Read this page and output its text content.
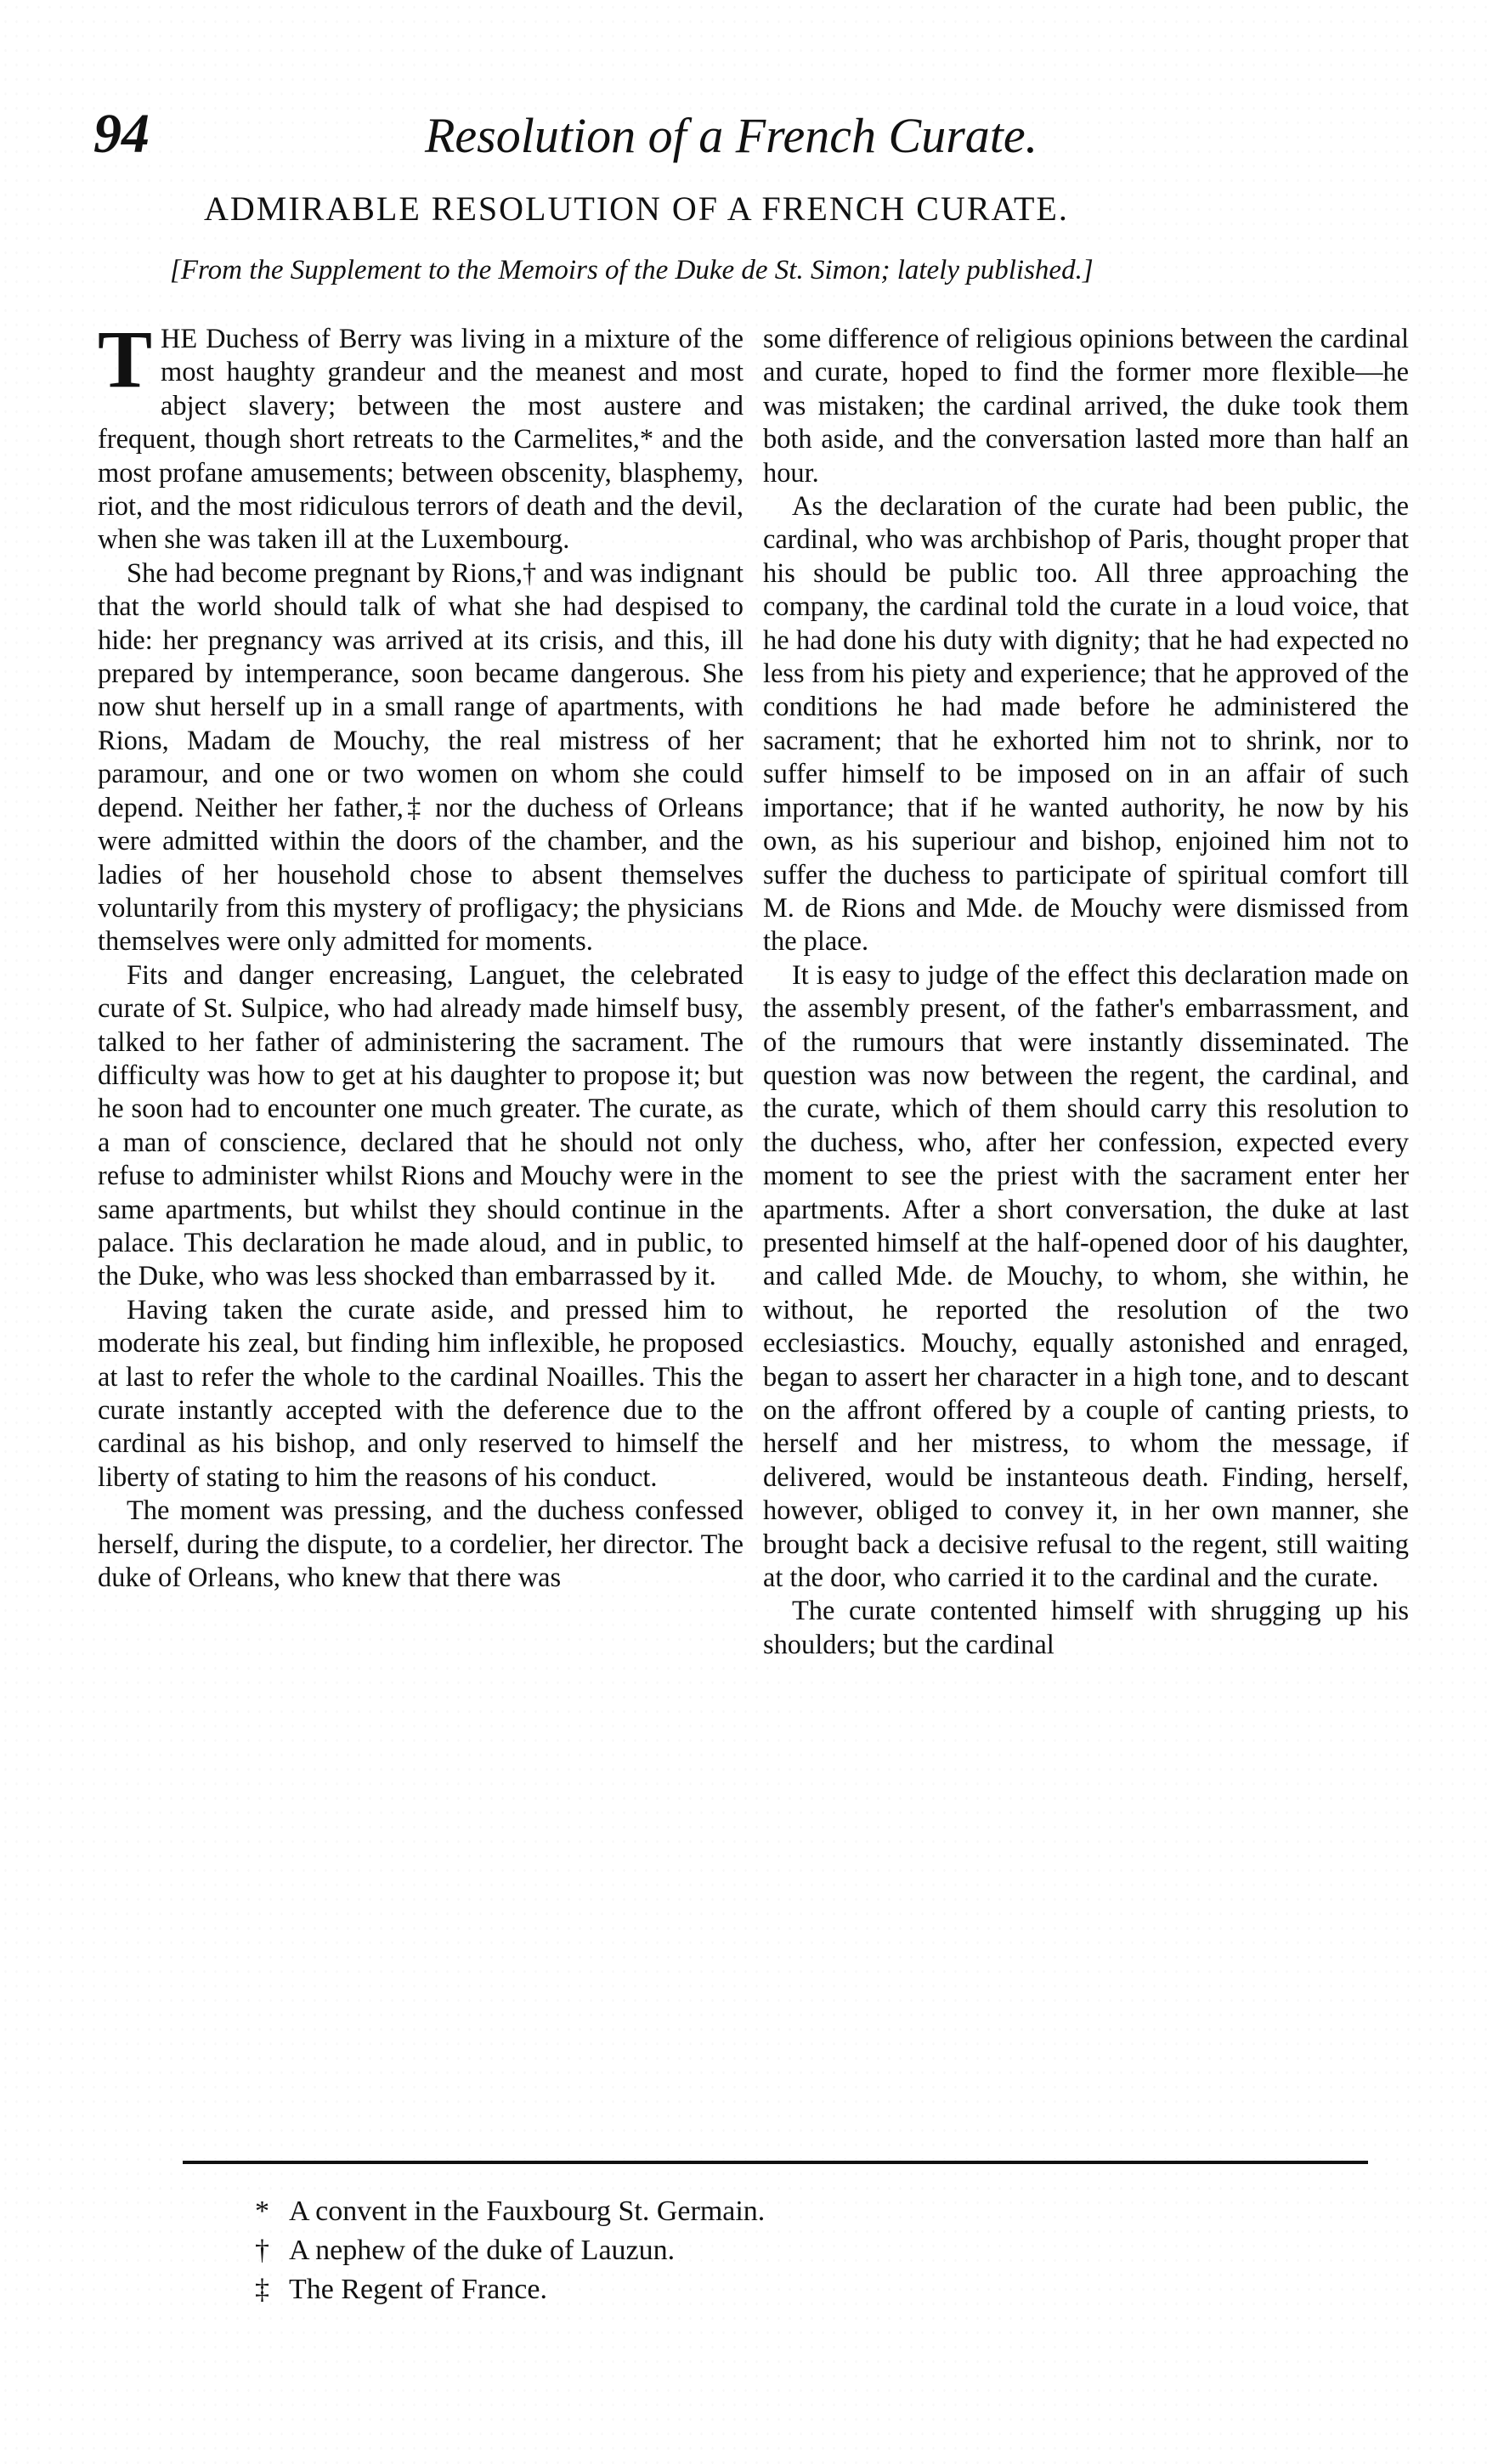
94	Resolution of a French Curate.
ADMIRABLE RESOLUTION OF A FRENCH CURATE.
[From the Supplement to the Memoirs of the Duke de St. Simon; lately published.]

THE Duchess of Berry was living in a mixture of the most haughty grandeur and the meanest and most abject slavery; between the most austere and frequent, though short retreats to the Carmelites,* and the most profane amusements; between obscenity, blasphemy, riot, and the most ridiculous terrors of death and the devil, when she was taken ill at the Luxembourg.

She had become pregnant by Rions,† and was indignant that the world should talk of what she had despised to hide: her pregnancy was arrived at its crisis, and this, ill prepared by intemperance, soon became dangerous. She now shut herself up in a small range of apartments, with Rions, Madam de Mouchy, the real mistress of her paramour, and one or two women on whom she could depend. Neither her father,‡ nor the duchess of Orleans were admitted within the doors of the chamber, and the ladies of her household chose to absent themselves voluntarily from this mystery of profligacy; the physicians themselves were only admitted for moments.

Fits and danger encreasing, Languet, the celebrated curate of St. Sulpice, who had already made himself busy, talked to her father of administering the sacrament. The difficulty was how to get at his daughter to propose it; but he soon had to encounter one much greater. The curate, as a man of conscience, declared that he should not only refuse to administer whilst Rions and Mouchy were in the same apartments, but whilst they should continue in the palace. This declaration he made aloud, and in public, to the Duke, who was less shocked than embarrassed by it.

Having taken the curate aside, and pressed him to moderate his zeal, but finding him inflexible, he proposed at last to refer the whole to the cardinal Noailles. This the curate instantly accepted with the deference due to the cardinal as his bishop, and only reserved to himself the liberty of stating to him the reasons of his conduct.

The moment was pressing, and the duchess confessed herself, during the dispute, to a cordelier, her director. The duke of Orleans, who knew that there was

some difference of religious opinions between the cardinal and curate, hoped to find the former more flexible—he was mistaken; the cardinal arrived, the duke took them both aside, and the conversation lasted more than half an hour.

As the declaration of the curate had been public, the cardinal, who was archbishop of Paris, thought proper that his should be public too. All three approaching the company, the cardinal told the curate in a loud voice, that he had done his duty with dignity; that he had expected no less from his piety and experience; that he approved of the conditions he had made before he administered the sacrament; that he exhorted him not to shrink, nor to suffer himself to be imposed on in an affair of such importance; that if he wanted authority, he now by his own, as his superiour and bishop, enjoined him not to suffer the duchess to participate of spiritual comfort till M. de Rions and Mde. de Mouchy were dismissed from the place.

It is easy to judge of the effect this declaration made on the assembly present, of the father's embarrassment, and of the rumours that were instantly disseminated. The question was now between the regent, the cardinal, and the curate, which of them should carry this resolution to the duchess, who, after her confession, expected every moment to see the priest with the sacrament enter her apartments. After a short conversation, the duke at last presented himself at the half-opened door of his daughter, and called Mde. de Mouchy, to whom, she within, he without, he reported the resolution of the two ecclesiastics. Mouchy, equally astonished and enraged, began to assert her character in a high tone, and to descant on the affront offered by a couple of canting priests, to herself and her mistress, to whom the message, if delivered, would be instanteous death. Finding, herself, however, obliged to convey it, in her own manner, she brought back a decisive refusal to the regent, still waiting at the door, who carried it to the cardinal and the curate.

The curate contented himself with shrugging up his shoulders; but the cardinal

* A convent in the Fauxbourg St. Germain.
† A nephew of the duke of Lauzun.
‡ The Regent of France.
